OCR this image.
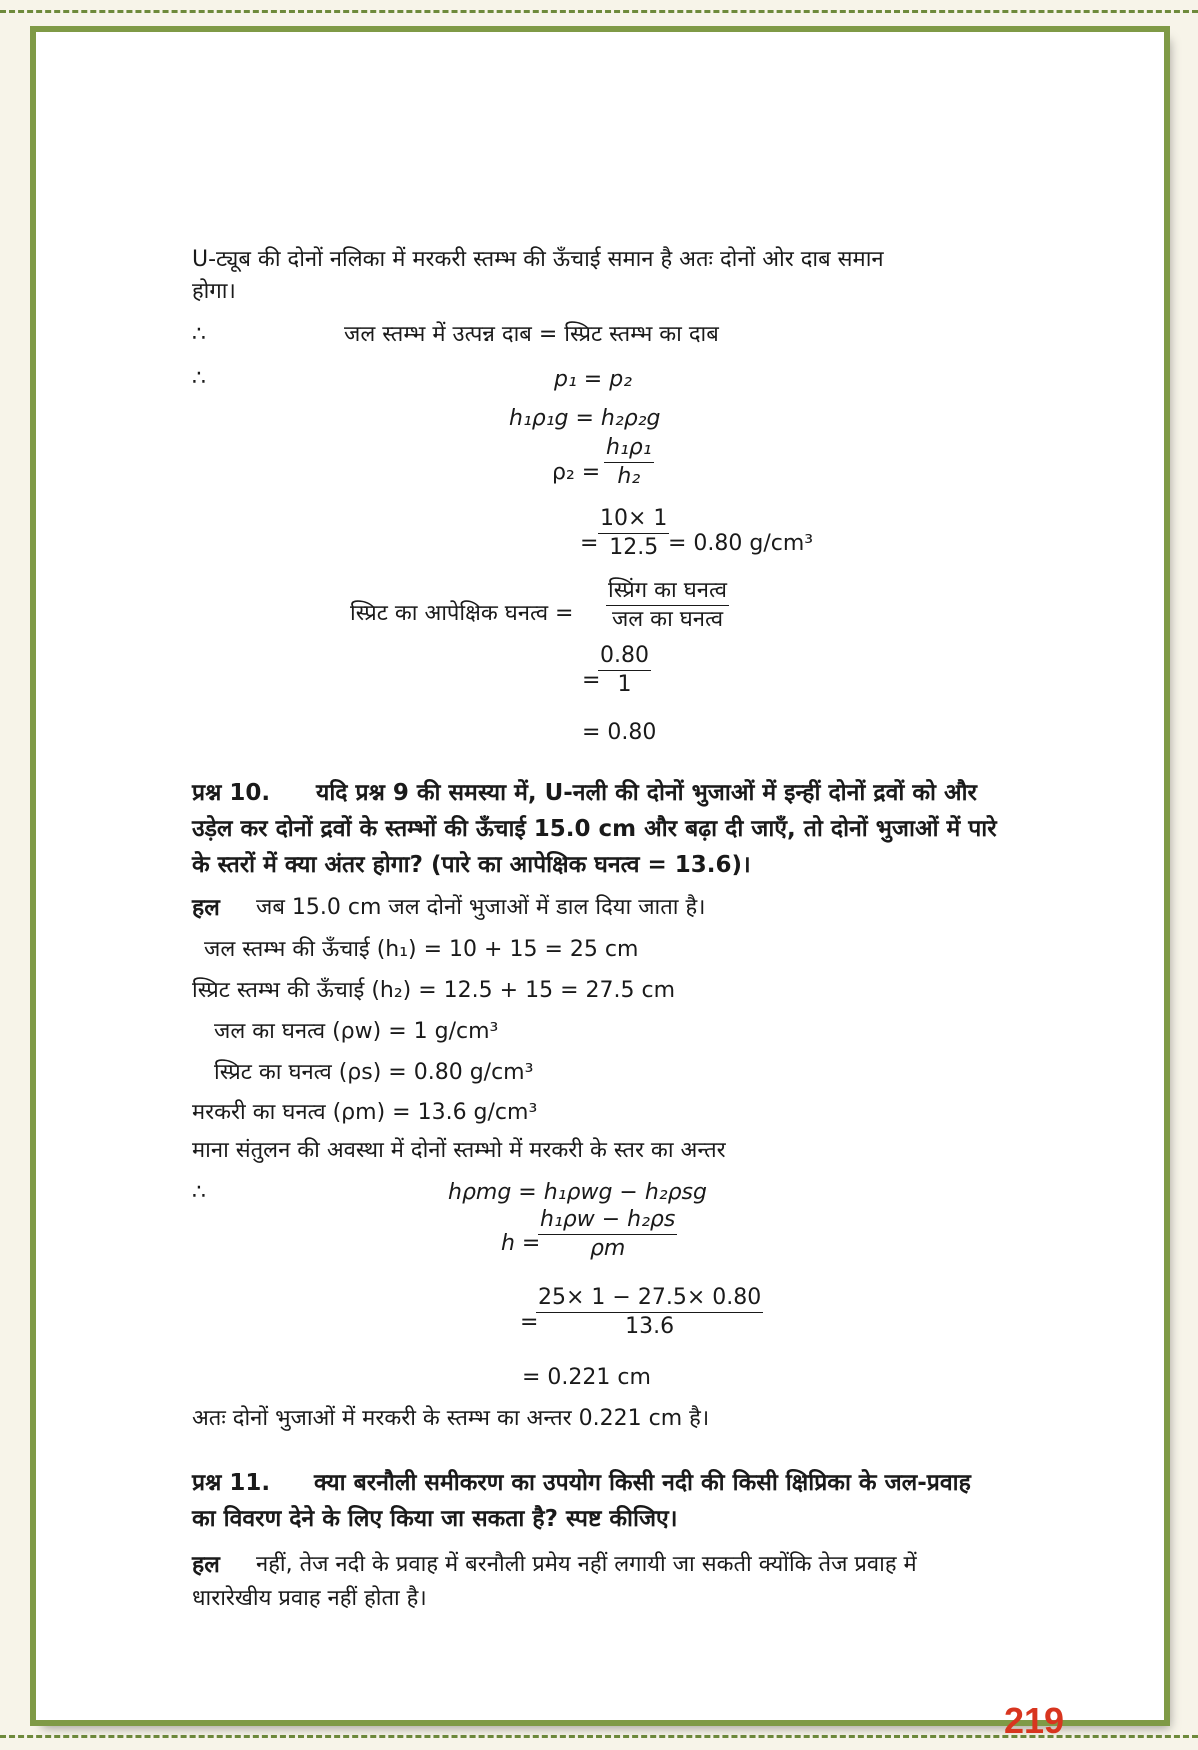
U-ट्यूब की दोनों नलिका में मरकरी स्तम्भ की ऊँचाई समान है अतः दोनों ओर दाब समान
होगा।
∴	जल स्तम्भ में उत्पन्न दाब = स्प्रिट स्तम्भ का दाब
∴	p₁ = p₂
h₁ρ₁g = h₂ρ₂g
$\rho_2 = \frac{\text{h₁ρ₁}}{\text{h₂}}$
= $\frac{10\times 1}{12.5}$
= 0.80 g/cm³
स्प्रिट का आपेक्षिक घनत्व =
स्प्रिंग का घनत्व
जल का घनत्व
=
$\frac{0.80}{1}$
= 0.80
प्रश्न 10. यदि प्रश्न 9 की समस्या में, U-नली की दोनों भुजाओं में इन्हीं दोनों द्रवों को और
उड़ेल कर दोनों द्रवों के स्तम्भों की ऊँचाई 15.0 cm और बढ़ा दी जाएँ, तो दोनों भुजाओं में पारे
के स्तरों में क्या अंतर होगा? (पारे का आपेक्षिक घनत्व = 13.6)।
हल जब 15.0 cm जल दोनों भुजाओं में डाल दिया जाता है।
जल स्तम्भ की ऊँचाई (h₁) = 10 + 15 = 25 cm
स्प्रिट स्तम्भ की ऊँचाई (h₂) = 12.5 + 15 = 27.5 cm
जल का घनत्व (ρw) = 1 g/cm³
स्प्रिट का घनत्व (ρs) = 0.80 g/cm³
मरकरी का घनत्व (ρm) = 13.6 g/cm³
माना संतुलन की अवस्था में दोनों स्तम्भो में मरकरी के स्तर का अन्तर
∴	hρmg = h₁ρwg − h₂ρsg
h =
$\frac{\text{h₁ρw − h₂ρs}}{\rho m}$
=
$\frac{25\times 1 - 27.5\times 0.80}{13.6}$
= 0.221 cm
अतः दोनों भुजाओं में मरकरी के स्तम्भ का अन्तर 0.221 cm है।
प्रश्न 11. क्या बरनौली समीकरण का उपयोग किसी नदी की किसी क्षिप्रिका के जल-प्रवाह
का विवरण देने के लिए किया जा सकता है? स्पष्ट कीजिए।
हल नहीं, तेज नदी के प्रवाह में बरनौली प्रमेय नहीं लगायी जा सकती क्योंकि तेज प्रवाह में
धारारेखीय प्रवाह नहीं होता है।
219
